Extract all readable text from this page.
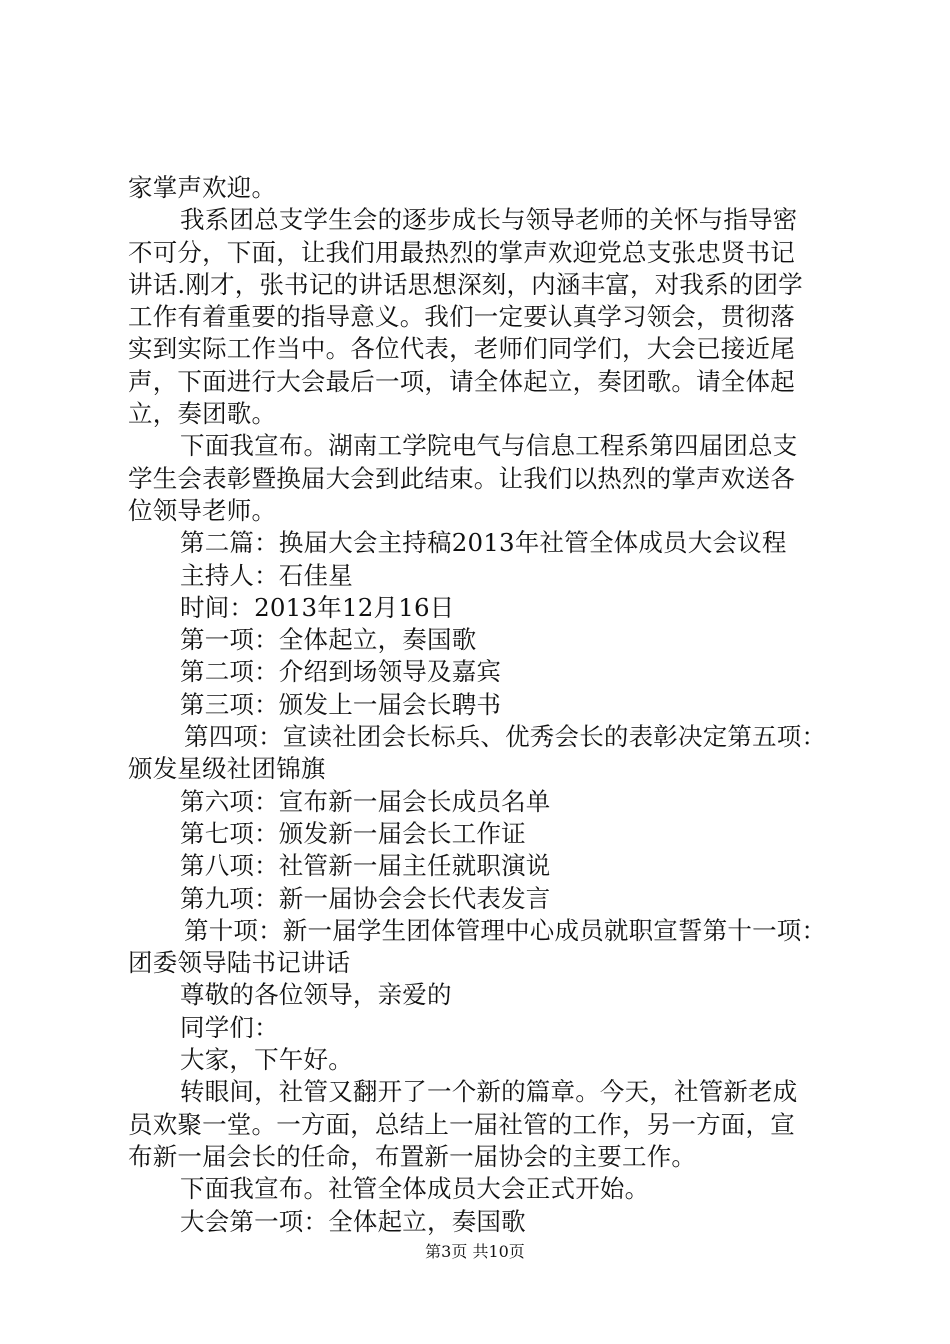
家掌声欢迎。
我系团总支学生会的逐步成长与领导老师的关怀与指导密
不可分，下面，让我们用最热烈的掌声欢迎党总支张忠贤书记
讲话.刚才，张书记的讲话思想深刻，内涵丰富，对我系的团学
工作有着重要的指导意义。我们一定要认真学习领会，贯彻落
实到实际工作当中。各位代表，老师们同学们，大会已接近尾
声，下面进行大会最后一项，请全体起立，奏团歌。请全体起
立，奏团歌。
下面我宣布。湖南工学院电气与信息工程系第四届团总支
学生会表彰暨换届大会到此结束。让我们以热烈的掌声欢送各
位领导老师。
第二篇：换届大会主持稿2013年社管全体成员大会议程
主持人：石佳星
时间：2013年12月16日
第一项：全体起立，奏国歌
第二项：介绍到场领导及嘉宾
第三项：颁发上一届会长聘书
第四项：宣读社团会长标兵、优秀会长的表彰决定第五项：
颁发星级社团锦旗
第六项：宣布新一届会长成员名单
第七项：颁发新一届会长工作证
第八项：社管新一届主任就职演说
第九项：新一届协会会长代表发言
第十项：新一届学生团体管理中心成员就职宣誓第十一项：
团委领导陆书记讲话
尊敬的各位领导，亲爱的
同学们：
大家，下午好。
转眼间，社管又翻开了一个新的篇章。今天，社管新老成
员欢聚一堂。一方面，总结上一届社管的工作，另一方面，宣
布新一届会长的任命，布置新一届协会的主要工作。
下面我宣布。社管全体成员大会正式开始。
大会第一项：全体起立，奏国歌
第3页 共10页
